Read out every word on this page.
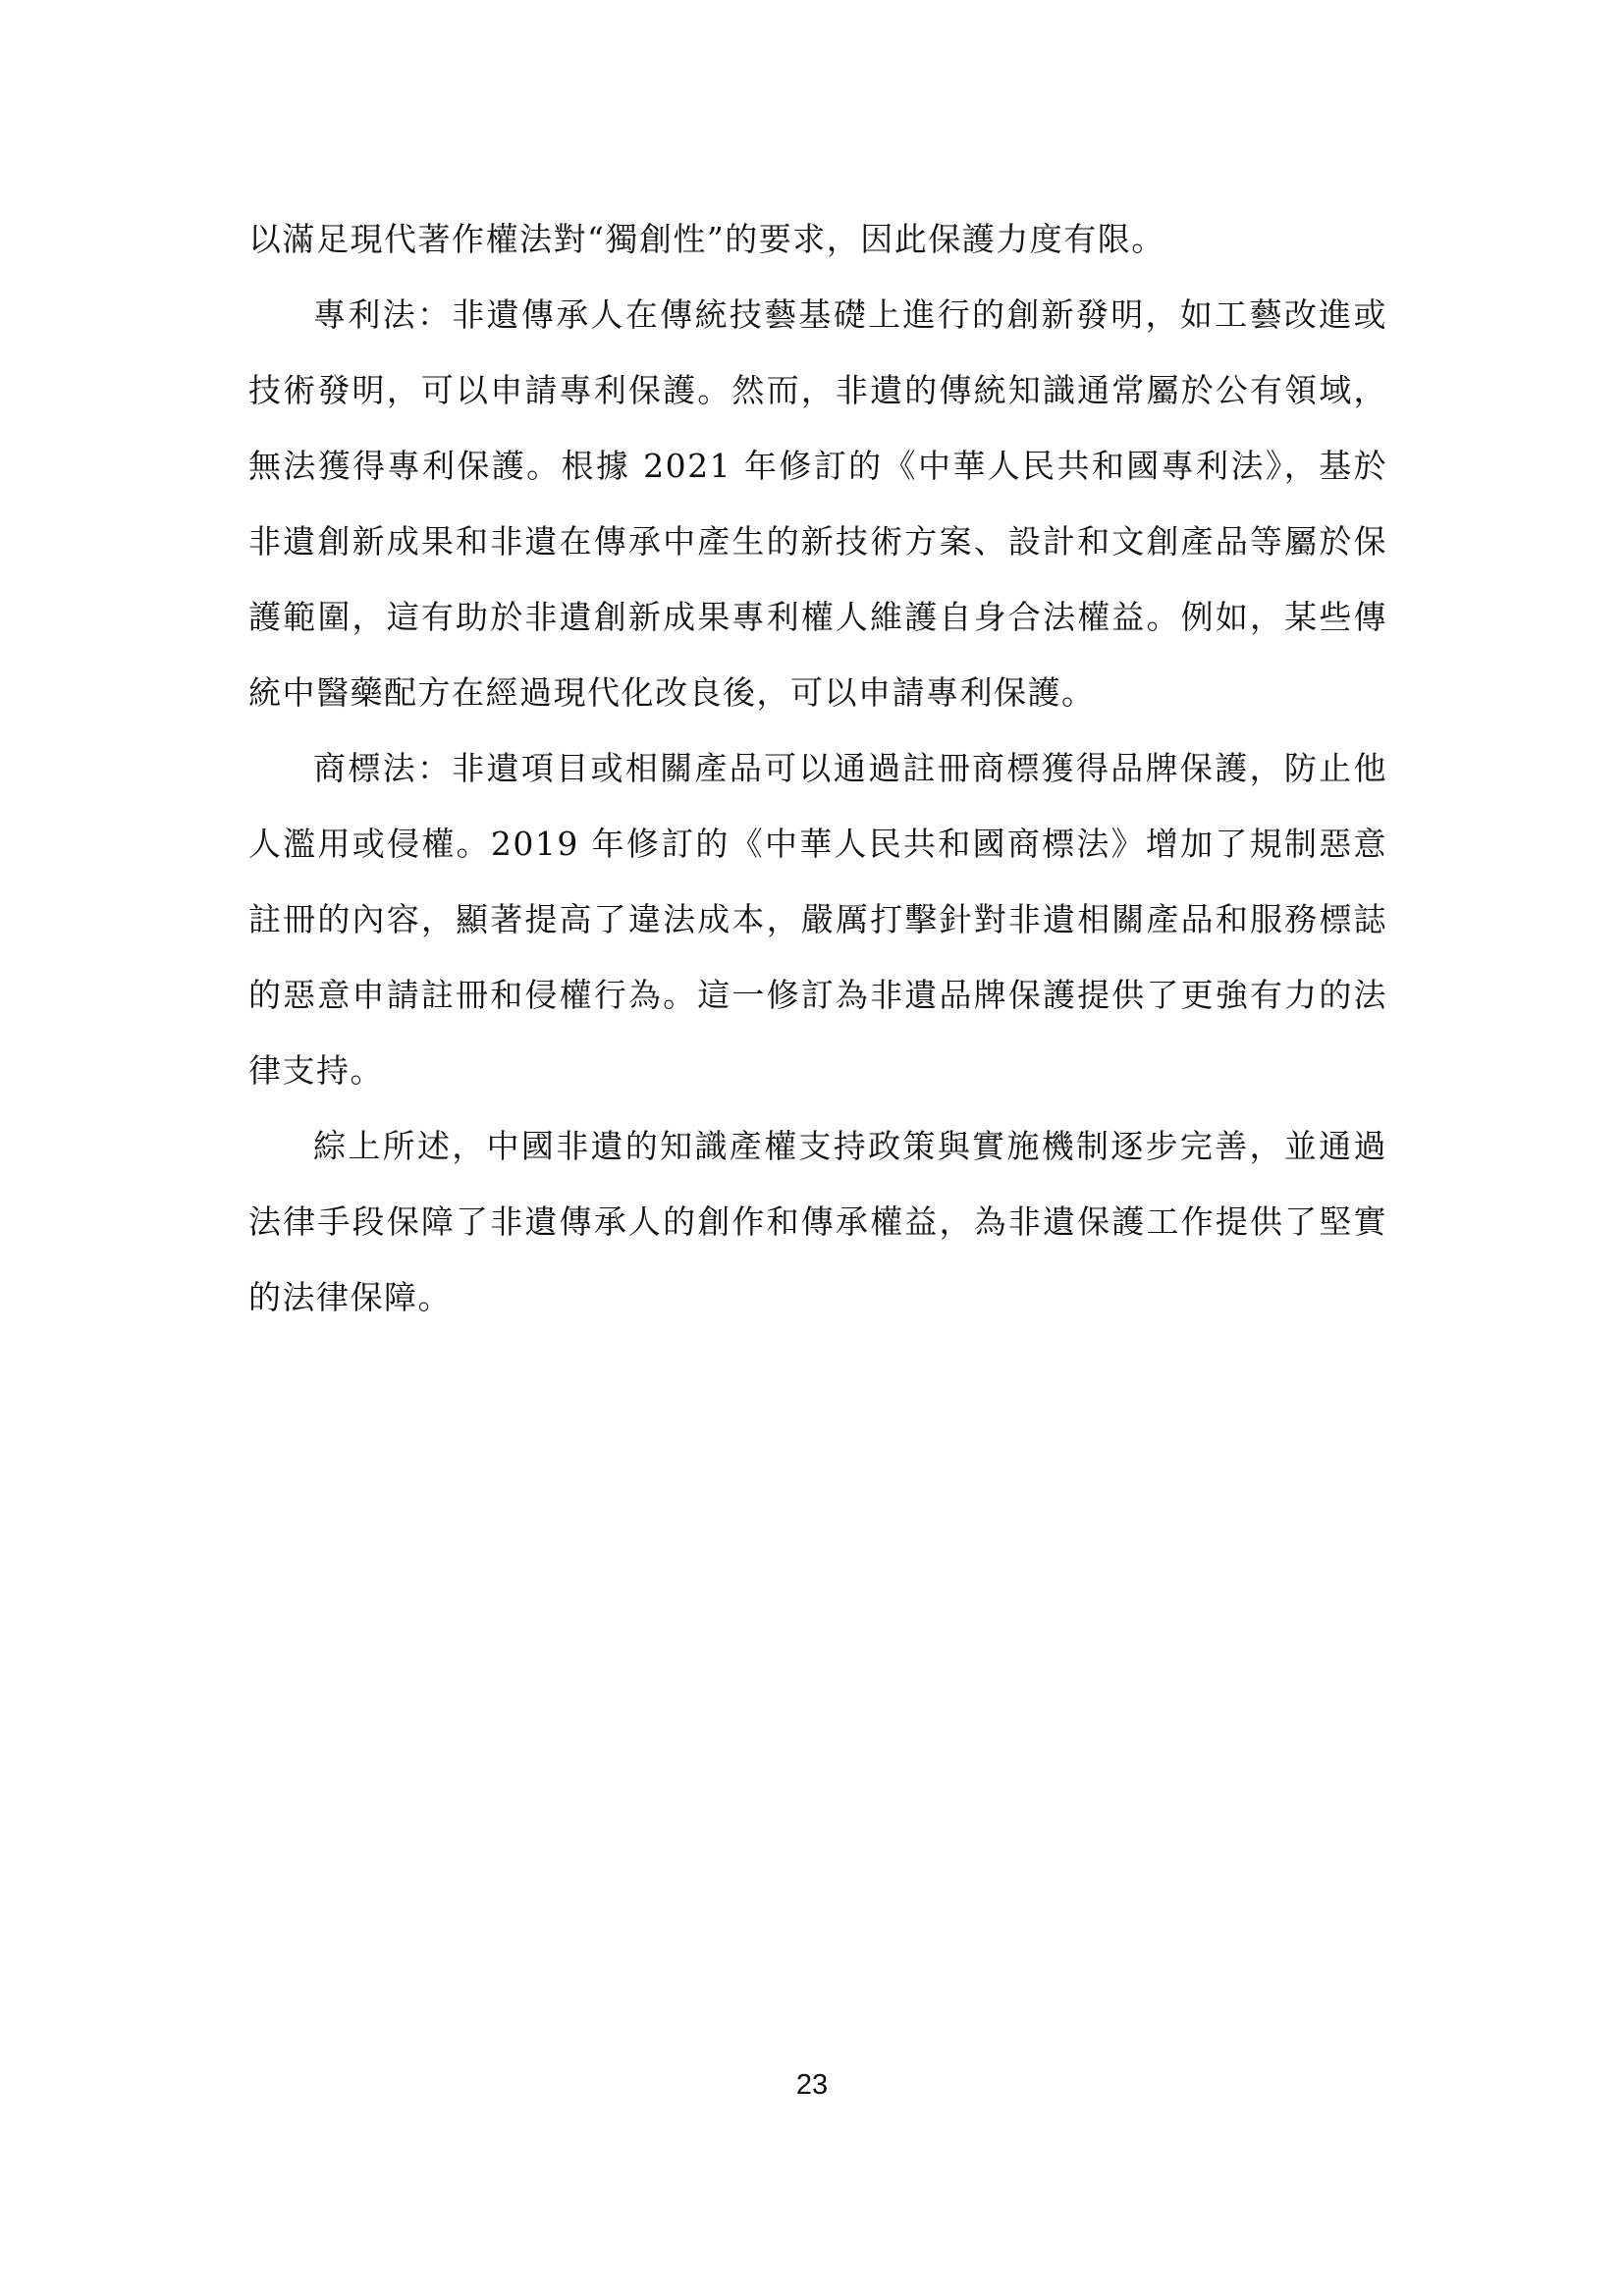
以滿足現代著作權法對“獨創性”的要求，因此保護力度有限。

專利法：非遺傳承人在傳統技藝基礎上進行的創新發明，如工藝改進或技術發明，可以申請專利保護。然而，非遺的傳統知識通常屬於公有領域，無法獲得專利保護。根據 2021 年修訂的《中華人民共和國專利法》，基於非遺創新成果和非遺在傳承中產生的新技術方案、設計和文創產品等屬於保護範圍，這有助於非遺創新成果專利權人維護自身合法權益。例如，某些傳統中醫藥配方在經過現代化改良後，可以申請專利保護。

商標法：非遺項目或相關產品可以通過註冊商標獲得品牌保護，防止他人濫用或侵權。2019 年修訂的《中華人民共和國商標法》增加了規制惡意註冊的內容，顯著提高了違法成本，嚴厲打擊針對非遺相關產品和服務標誌的惡意申請註冊和侵權行為。這一修訂為非遺品牌保護提供了更強有力的法律支持。

綜上所述，中國非遺的知識產權支持政策與實施機制逐步完善，並通過法律手段保障了非遺傳承人的創作和傳承權益，為非遺保護工作提供了堅實的法律保障。

23
